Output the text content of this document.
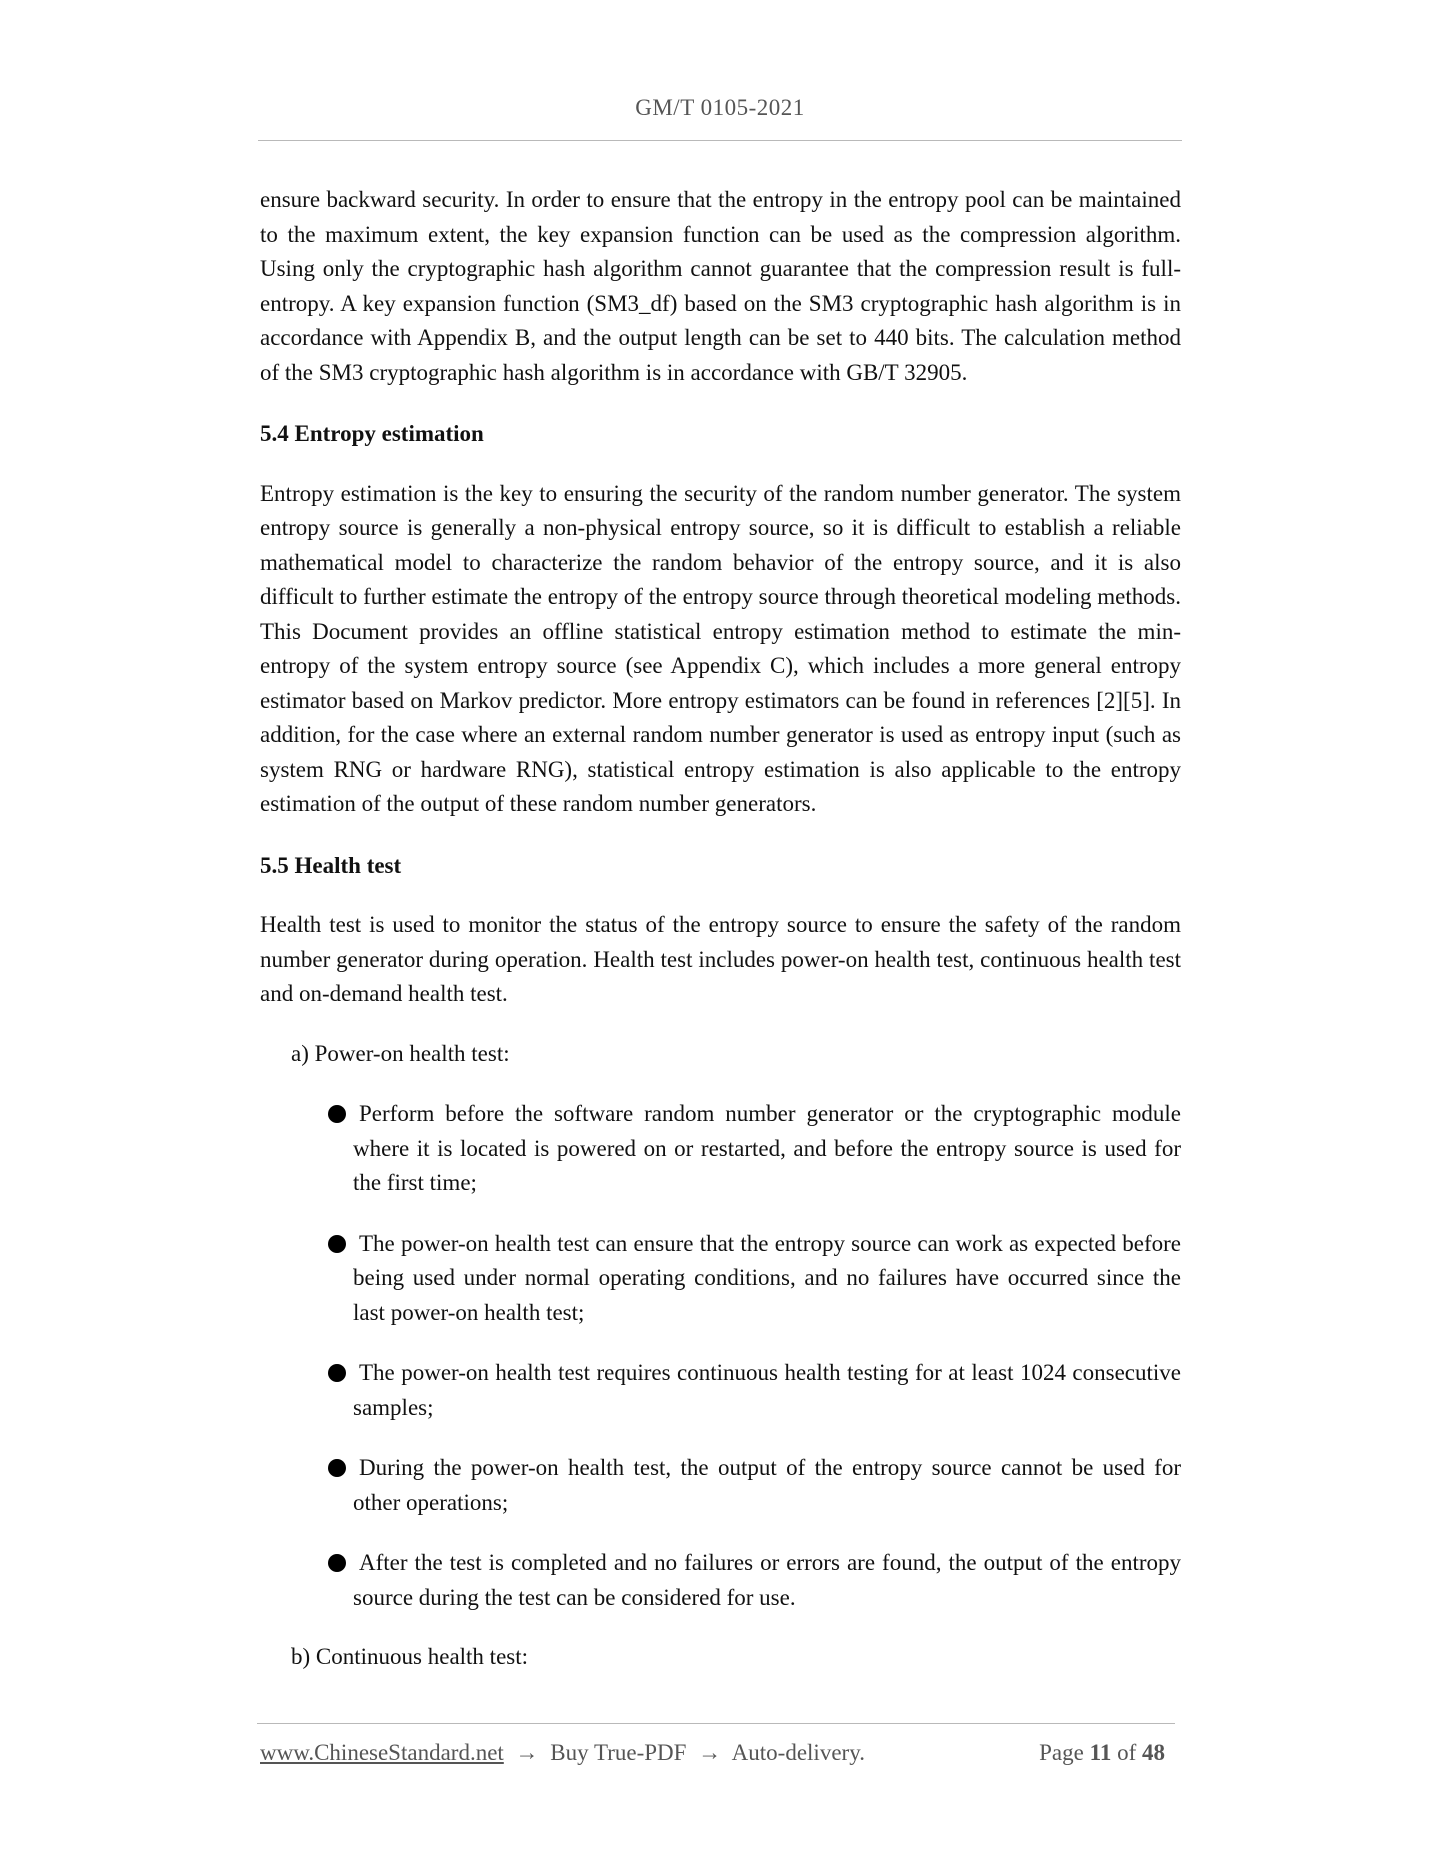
GM/T 0105-2021

ensure backward security. In order to ensure that the entropy in the entropy pool can be maintained to the maximum extent, the key expansion function can be used as the compression algorithm. Using only the cryptographic hash algorithm cannot guarantee that the compression result is full-entropy. A key expansion function (SM3_df) based on the SM3 cryptographic hash algorithm is in accordance with Appendix B, and the output length can be set to 440 bits. The calculation method of the SM3 cryptographic hash algorithm is in accordance with GB/T 32905.

5.4 Entropy estimation

Entropy estimation is the key to ensuring the security of the random number generator. The system entropy source is generally a non-physical entropy source, so it is difficult to establish a reliable mathematical model to characterize the random behavior of the entropy source, and it is also difficult to further estimate the entropy of the entropy source through theoretical modeling methods. This Document provides an offline statistical entropy estimation method to estimate the min-entropy of the system entropy source (see Appendix C), which includes a more general entropy estimator based on Markov predictor. More entropy estimators can be found in references [2][5]. In addition, for the case where an external random number generator is used as entropy input (such as system RNG or hardware RNG), statistical entropy estimation is also applicable to the entropy estimation of the output of these random number generators.

5.5 Health test

Health test is used to monitor the status of the entropy source to ensure the safety of the random number generator during operation. Health test includes power-on health test, continuous health test and on-demand health test.

a) Power-on health test:
Perform before the software random number generator or the cryptographic module where it is located is powered on or restarted, and before the entropy source is used for the first time;
The power-on health test can ensure that the entropy source can work as expected before being used under normal operating conditions, and no failures have occurred since the last power-on health test;
The power-on health test requires continuous health testing for at least 1024 consecutive samples;
During the power-on health test, the output of the entropy source cannot be used for other operations;
After the test is completed and no failures or errors are found, the output of the entropy source during the test can be considered for use.
b) Continuous health test:
www.ChineseStandard.net → Buy True-PDF → Auto-delivery.	Page 11 of 48
